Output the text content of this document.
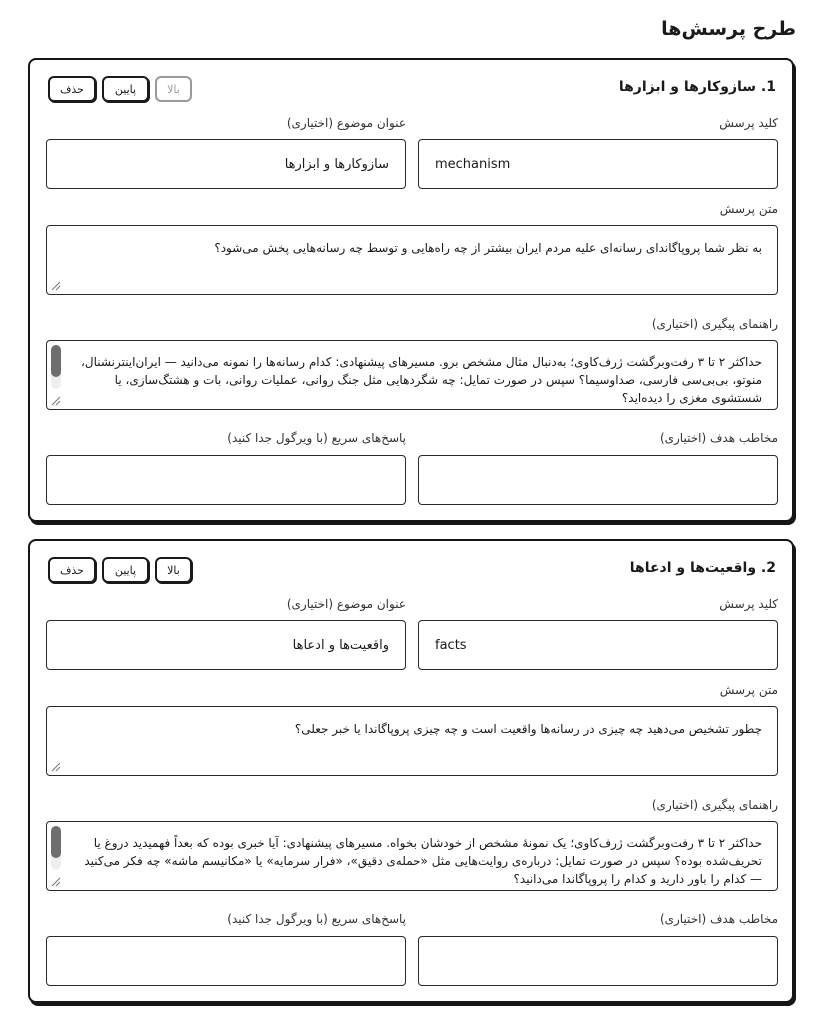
طرح پرسش‌ها
1. سازوکارها و ابزارها
بالا
پایین
حذف
کلید پرسش
عنوان موضوع (اختیاری)
mechanism
سازوکارها و ابزارها
متن پرسش
به نظر شما پروپاگاندای رسانه‌ای علیه مردم ایران بیشتر از چه راه‌هایی و توسط چه رسانه‌هایی پخش می‌شود؟
راهنمای پیگیری (اختیاری)
حداکثر ۲ تا ۳ رفت‌وبرگشت ژرف‌کاوی؛ به‌دنبال مثال مشخص برو. مسیرهای پیشنهادی: کدام رسانه‌ها را نمونه می‌دانید — ایران‌اینترنشنال، منوتو، بی‌بی‌سی فارسی، صداوسیما؟ سپس در صورت تمایل: چه شگردهایی مثل جنگ روانی، عملیات روانی، بات و هشتگ‌سازی، یا شستشوی مغزی را دیده‌اید؟
مخاطب هدف (اختیاری)
پاسخ‌های سریع (با ویرگول جدا کنید)
2. واقعیت‌ها و ادعاها
بالا
پایین
حذف
کلید پرسش
عنوان موضوع (اختیاری)
facts
واقعیت‌ها و ادعاها
متن پرسش
چطور تشخیص می‌دهید چه چیزی در رسانه‌ها واقعیت است و چه چیزی پروپاگاندا یا خبر جعلی؟
راهنمای پیگیری (اختیاری)
حداکثر ۲ تا ۳ رفت‌وبرگشت ژرف‌کاوی؛ یک نمونهٔ مشخص از خودشان بخواه. مسیرهای پیشنهادی: آیا خبری بوده که بعداً فهمیدید دروغ یا تحریف‌شده بوده؟ سپس در صورت تمایل: درباره‌ی روایت‌هایی مثل «حمله‌ی دقیق»، «فرار سرمایه» یا «مکانیسم ماشه» چه فکر می‌کنید — کدام را باور دارید و کدام را پروپاگاندا می‌دانید؟
مخاطب هدف (اختیاری)
پاسخ‌های سریع (با ویرگول جدا کنید)
